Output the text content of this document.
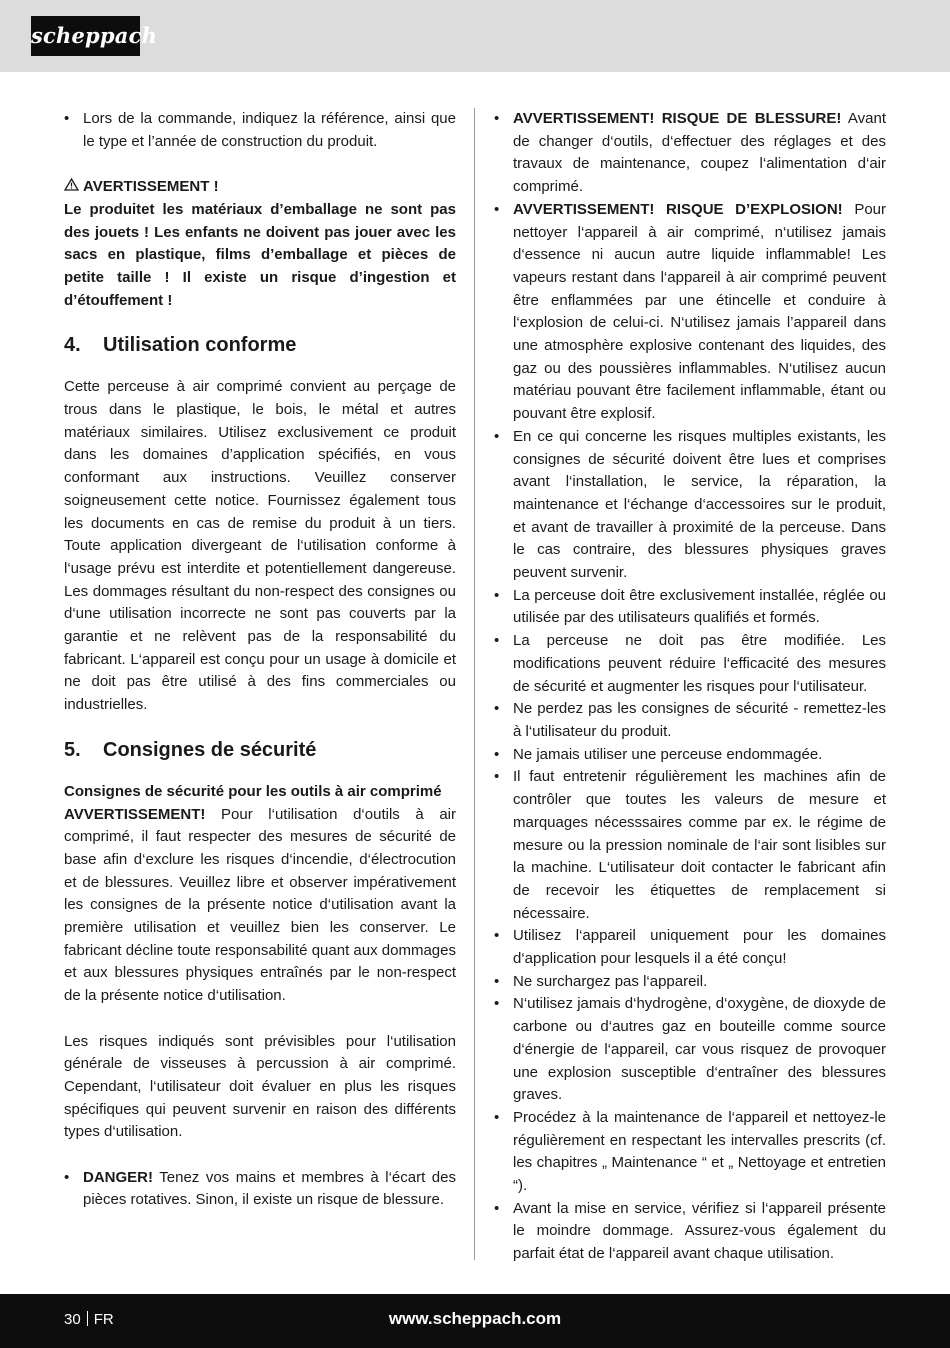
scheppach
• Lors de la commande, indiquez la référence, ainsi que le type et l’année de construction du produit.
AVERTISSEMENT !

Le produitet les matériaux d’emballage ne sont pas des jouets ! Les enfants ne doivent pas jouer avec les sacs en plastique, films d’emballage et pièces de petite taille ! Il existe un risque d’ingestion et d’étouffement !

4. Utilisation conforme

Cette perceuse à air comprimé convient au perçage de trous dans le plastique, le bois, le métal et autres matériaux similaires. Utilisez exclusivement ce produit dans les domaines d’application spécifiés, en vous conformant aux instructions. Veuillez conserver soigneusement cette notice. Fournissez également tous les documents en cas de remise du produit à un tiers. Toute application divergeant de l‘utilisation conforme à l‘usage prévu est interdite et potentiellement dangereuse. Les dommages résultant du non-respect des consignes ou d‘une utilisation incorrecte ne sont pas couverts par la garantie et ne relèvent pas de la responsabilité du fabricant. L‘appareil est conçu pour un usage à domicile et ne doit pas être utilisé à des fins commerciales ou industrielles.

5. Consignes de sécurité

Consignes de sécurité pour les outils à air comprimé

AVVERTISSEMENT! Pour l‘utilisation d‘outils à air comprimé, il faut respecter des mesures de sécurité de base afin d‘exclure les risques d‘incendie, d‘électrocution et de blessures. Veuillez libre et observer impérativement les consignes de la présente notice d‘utilisation avant la première utilisation et veuillez bien les conserver. Le fabricant décline toute responsabilité quant aux dommages et aux blessures physiques entraînés par le non-respect de la présente notice d‘utilisation.

Les risques indiqués sont prévisibles pour l‘utilisation générale de visseuses à percussion à air comprimé. Cependant, l‘utilisateur doit évaluer en plus les risques spécifiques qui peuvent survenir en raison des différents types d‘utilisation.

• DANGER! Tenez vos mains et membres à l‘écart des pièces rotatives. Sinon, il existe un risque de blessure.
• AVVERTISSEMENT! RISQUE DE BLESSURE! Avant de changer d‘outils, d‘effectuer des réglages et des travaux de maintenance, coupez l‘alimentation d‘air comprimé.
• AVVERTISSEMENT! RISQUE D’EXPLOSION! Pour nettoyer l‘appareil à air comprimé, n‘utilisez jamais d‘essence ni aucun autre liquide inflammable! Les vapeurs restant dans l‘appareil à air comprimé peuvent être enflammées par une étincelle et conduire à l‘explosion de celui-ci. N‘utilisez jamais l’appareil dans une atmosphère explosive contenant des liquides, des gaz ou des poussières inflammables. N‘utilisez aucun matériau pouvant être facilement inflammable, étant ou pouvant être explosif.
• En ce qui concerne les risques multiples existants, les consignes de sécurité doivent être lues et comprises avant l‘installation, le service, la réparation, la maintenance et l‘échange d‘accessoires sur le produit, et avant de travailler à proximité de la perceuse. Dans le cas contraire, des blessures physiques graves peuvent survenir.
• La perceuse doit être exclusivement installée, réglée ou utilisée par des utilisateurs qualifiés et formés.
• La perceuse ne doit pas être modifiée. Les modifications peuvent réduire l‘efficacité des mesures de sécurité et augmenter les risques pour l‘utilisateur.
• Ne perdez pas les consignes de sécurité - remettez-les à l‘utilisateur du produit.
• Ne jamais utiliser une perceuse endommagée.
• Il faut entretenir régulièrement les machines afin de contrôler que toutes les valeurs de mesure et marquages nécesssaires comme par ex. le régime de mesure ou la pression nominale de l‘air sont lisibles sur la machine. L‘utilisateur doit contacter le fabricant afin de recevoir les étiquettes de remplacement si nécessaire.
• Utilisez l‘appareil uniquement pour les domaines d‘application pour lesquels il a été conçu!
• Ne surchargez pas l‘appareil.
• N‘utilisez jamais d‘hydrogène, d‘oxygène, de dioxyde de carbone ou d‘autres gaz en bouteille comme source d‘énergie de l‘appareil, car vous risquez de provoquer une explosion susceptible d‘entraîner des blessures graves.
• Procédez à la maintenance de l‘appareil et nettoyez-le régulièrement en respectant les intervalles prescrits (cf. les chapitres „ Maintenance “ et „ Nettoyage et entretien “).
• Avant la mise en service, vérifiez si l‘appareil présente le moindre dommage. Assurez-vous également du parfait état de l‘appareil avant chaque utilisation.
30 FR	www.scheppach.com
